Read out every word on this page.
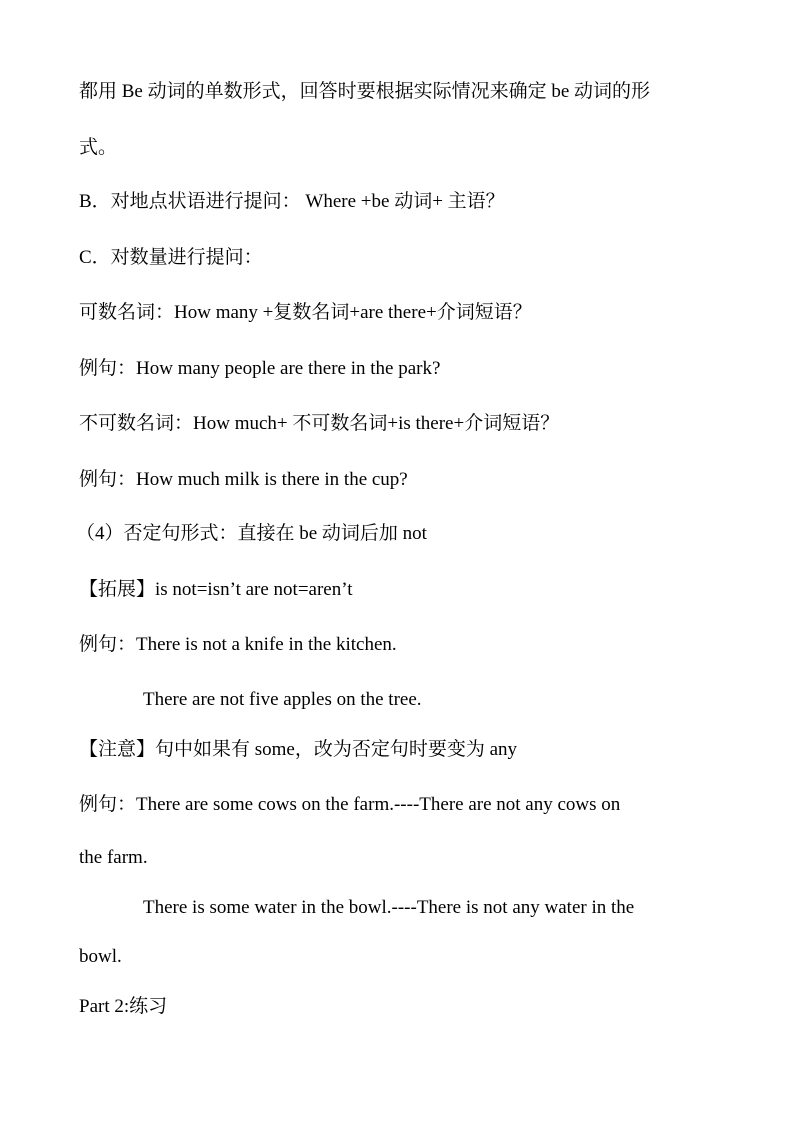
都用 Be 动词的单数形式，回答时要根据实际情况来确定 be 动词的形
式。
B．对地点状语进行提问： Where +be 动词+ 主语？
C．对数量进行提问：
可数名词：How many +复数名词+are there+介词短语？
例句：How many people are there in the park?
不可数名词：How much+ 不可数名词+is there+介词短语？
例句：How much milk is there in the cup?
（4）否定句形式：直接在 be 动词后加 not
【拓展】is not=isn’t are not=aren’t
例句：There is not a knife in the kitchen.
There are not five apples on the tree.
【注意】句中如果有 some，改为否定句时要变为 any
例句：There are some cows on the farm.----There are not any cows on
the farm.
There is some water in the bowl.----There is not any water in the
bowl.
Part 2:练习
